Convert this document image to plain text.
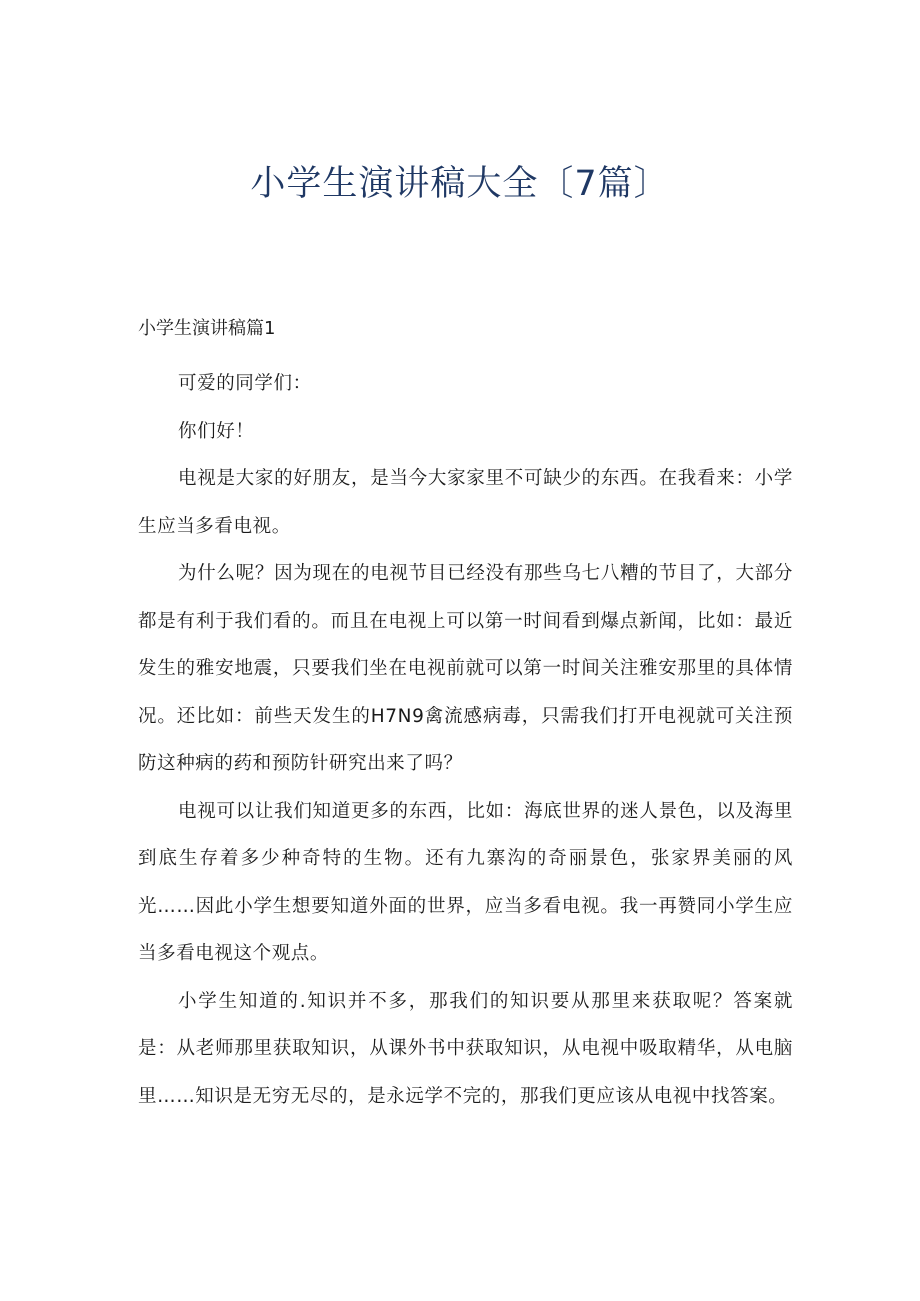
小学生演讲稿大全〔7篇〕
小学生演讲稿篇1

可爱的同学们：

你们好！

电视是大家的好朋友，是当今大家家里不可缺少的东西。在我看来：小学生应当多看电视。

为什么呢？因为现在的电视节目已经没有那些乌七八糟的节目了，大部分都是有利于我们看的。而且在电视上可以第一时间看到爆点新闻，比如：最近发生的雅安地震，只要我们坐在电视前就可以第一时间关注雅安那里的具体情况。还比如：前些天发生的H7N9禽流感病毒，只需我们打开电视就可关注预防这种病的药和预防针研究出来了吗？

电视可以让我们知道更多的东西，比如：海底世界的迷人景色，以及海里到底生存着多少种奇特的生物。还有九寨沟的奇丽景色，张家界美丽的风光……因此小学生想要知道外面的世界，应当多看电视。我一再赞同小学生应当多看电视这个观点。

小学生知道的.知识并不多，那我们的知识要从那里来获取呢？答案就是：从老师那里获取知识，从课外书中获取知识，从电视中吸取精华，从电脑里……知识是无穷无尽的，是永远学不完的，那我们更应该从电视中找答案。
